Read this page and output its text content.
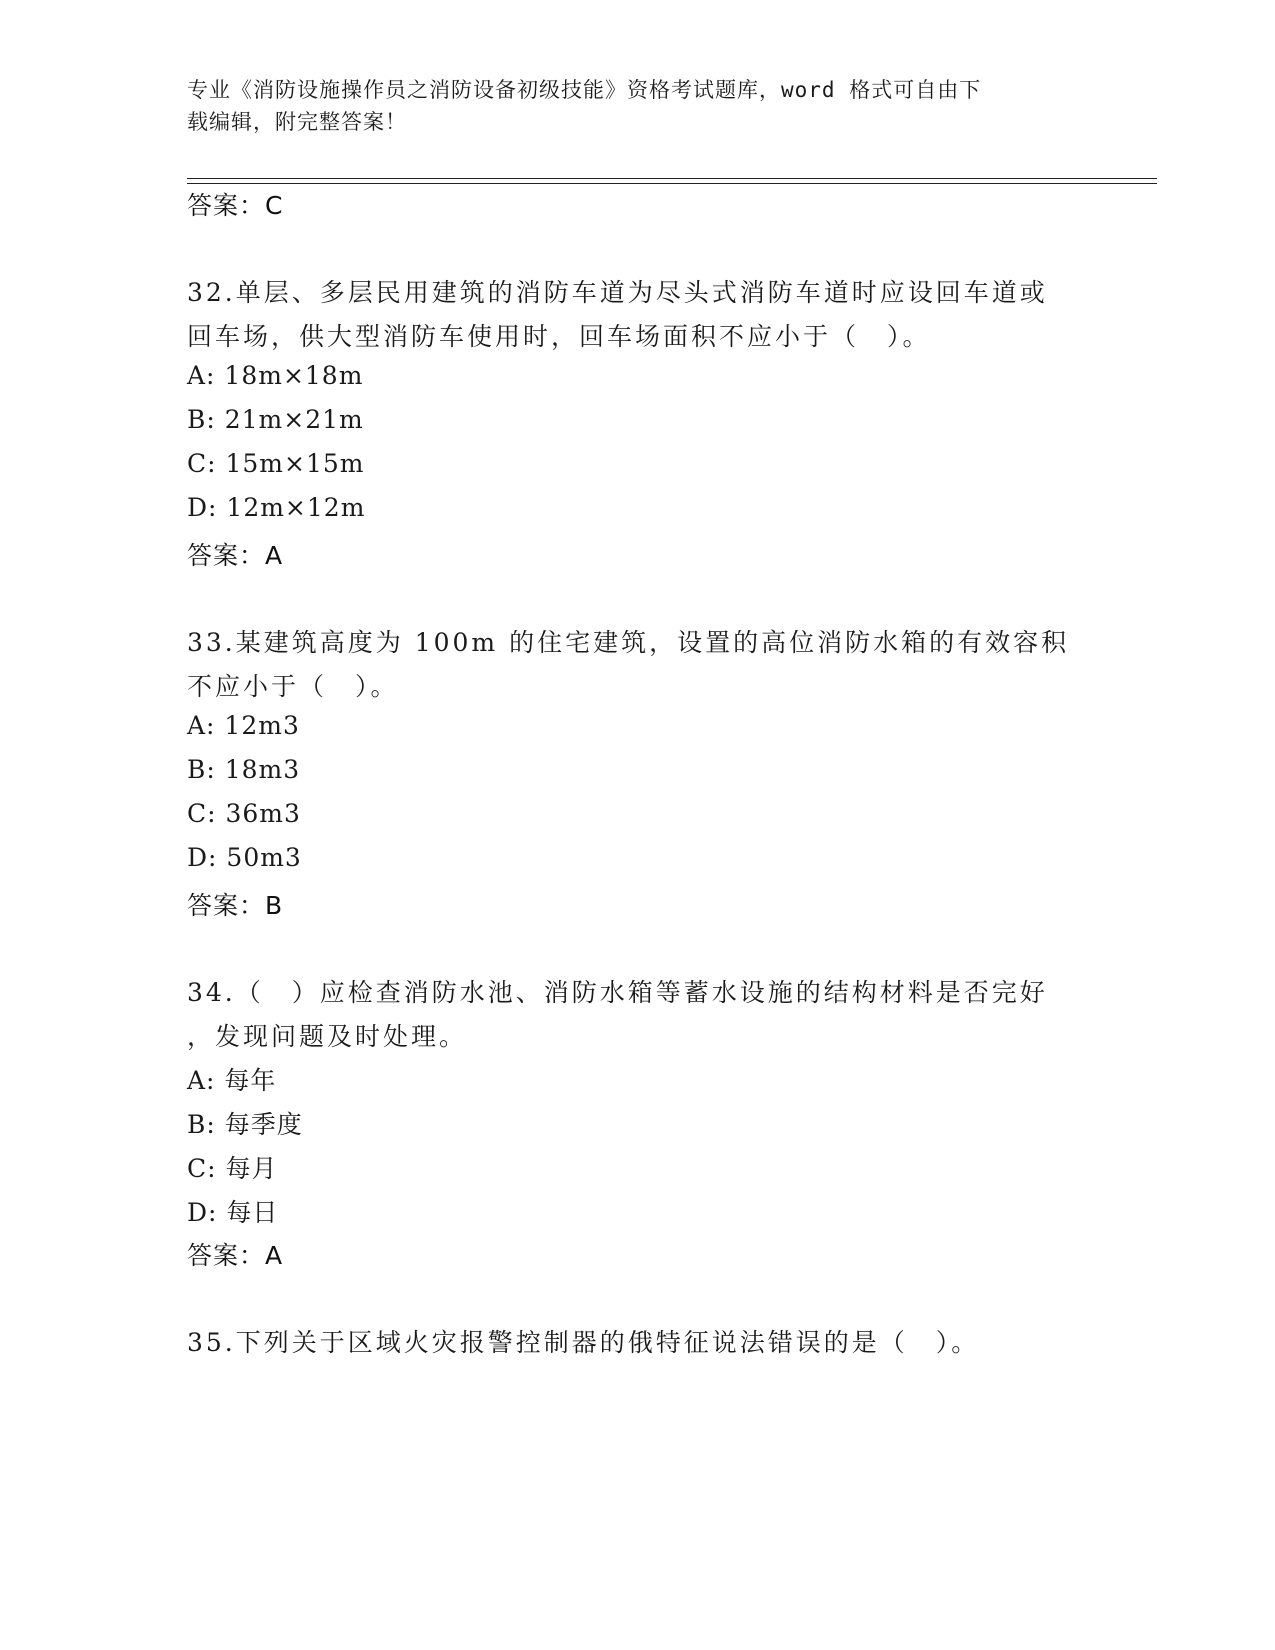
专业《消防设施操作员之消防设备初级技能》资格考试题库，word 格式可自由下
载编辑，附完整答案！
答案：C
32.单层、多层民用建筑的消防车道为尽头式消防车道时应设回车道或
回车场，供大型消防车使用时，回车场面积不应小于（　）。
A: 18m×18m
B: 21m×21m
C: 15m×15m
D: 12m×12m
答案：A
33.某建筑高度为 100m 的住宅建筑，设置的高位消防水箱的有效容积
不应小于（　）。
A: 12m3
B: 18m3
C: 36m3
D: 50m3
答案：B
34.（　）应检查消防水池、消防水箱等蓄水设施的结构材料是否完好
，发现问题及时处理。
A: 每年
B: 每季度
C: 每月
D: 每日
答案：A
35.下列关于区域火灾报警控制器的俄特征说法错误的是（　）。
